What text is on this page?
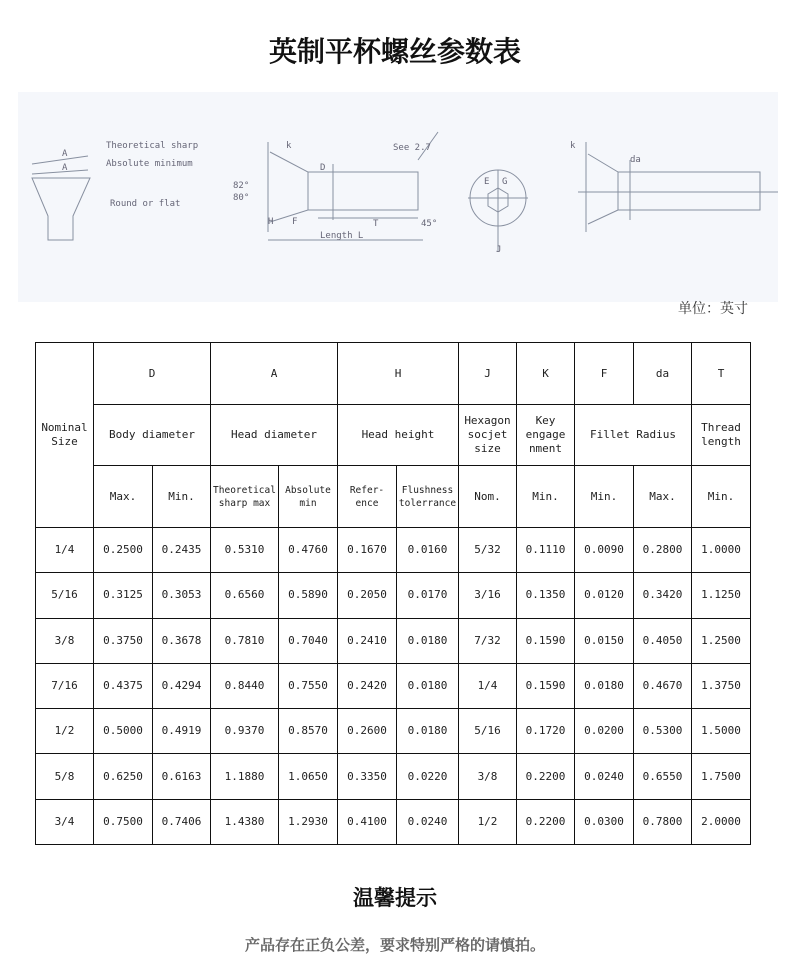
英制平杯螺丝参数表
Theoretical sharp
Absolute minimum
Round or flat
A
A
k	See 2.7
D
82°
80°
H F	T	45°
Length L
E G
J
k
da
单位：英寸
Nominal Size	D		A		H		J	K	F	da	T
	Body diameter		Head diameter		Head height		Hexagon socjet size	Key engage nment	Fillet Radius		Thread length
	Max.	Min.	Theoretical sharp max	Absolute min	Refer- ence	Flushness tolerrance	Nom.	Min.	Min.	Max.	Min.
1/4	0.2500	0.2435	0.5310	0.4760	0.1670	0.0160	5/32	0.1110	0.0090	0.2800	1.0000
5/16	0.3125	0.3053	0.6560	0.5890	0.2050	0.0170	3/16	0.1350	0.0120	0.3420	1.1250
3/8	0.3750	0.3678	0.7810	0.7040	0.2410	0.0180	7/32	0.1590	0.0150	0.4050	1.2500
7/16	0.4375	0.4294	0.8440	0.7550	0.2420	0.0180	1/4	0.1590	0.0180	0.4670	1.3750
1/2	0.5000	0.4919	0.9370	0.8570	0.2600	0.0180	5/16	0.1720	0.0200	0.5300	1.5000
5/8	0.6250	0.6163	1.1880	1.0650	0.3350	0.0220	3/8	0.2200	0.0240	0.6550	1.7500
3/4	0.7500	0.7406	1.4380	1.2930	0.4100	0.0240	1/2	0.2200	0.0300	0.7800	2.0000
温馨提示
产品存在正负公差，要求特别严格的请慎拍。
